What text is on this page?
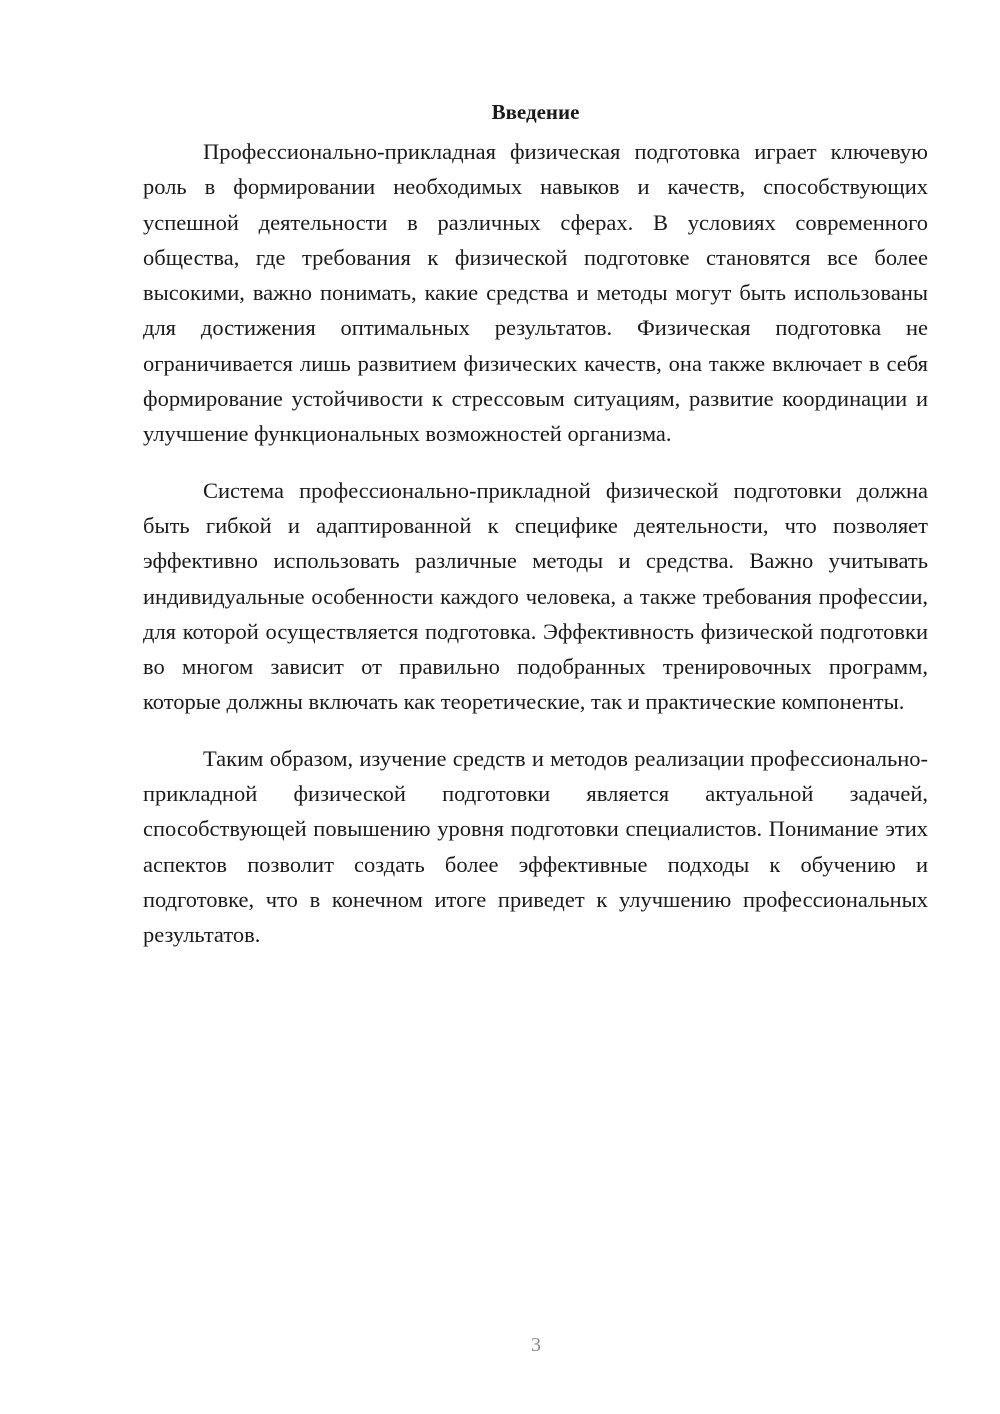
Введение

Профессионально-прикладная физическая подготовка играет ключевую роль в формировании необходимых навыков и качеств, способствующих успешной деятельности в различных сферах. В условиях современного общества, где требования к физической подготовке становятся все более высокими, важно понимать, какие средства и методы могут быть использованы для достижения оптимальных результатов. Физическая подготовка не ограничивается лишь развитием физических качеств, она также включает в себя формирование устойчивости к стрессовым ситуациям, развитие координации и улучшение функциональных возможностей организма.

Система профессионально-прикладной физической подготовки должна быть гибкой и адаптированной к специфике деятельности, что позволяет эффективно использовать различные методы и средства. Важно учитывать индивидуальные особенности каждого человека, а также требования профессии, для которой осуществляется подготовка. Эффективность физической подготовки во многом зависит от правильно подобранных тренировочных программ, которые должны включать как теоретические, так и практические компоненты.

Таким образом, изучение средств и методов реализации профессионально-прикладной физической подготовки является актуальной задачей, способствующей повышению уровня подготовки специалистов. Понимание этих аспектов позволит создать более эффективные подходы к обучению и подготовке, что в конечном итоге приведет к улучшению профессиональных результатов.

3
